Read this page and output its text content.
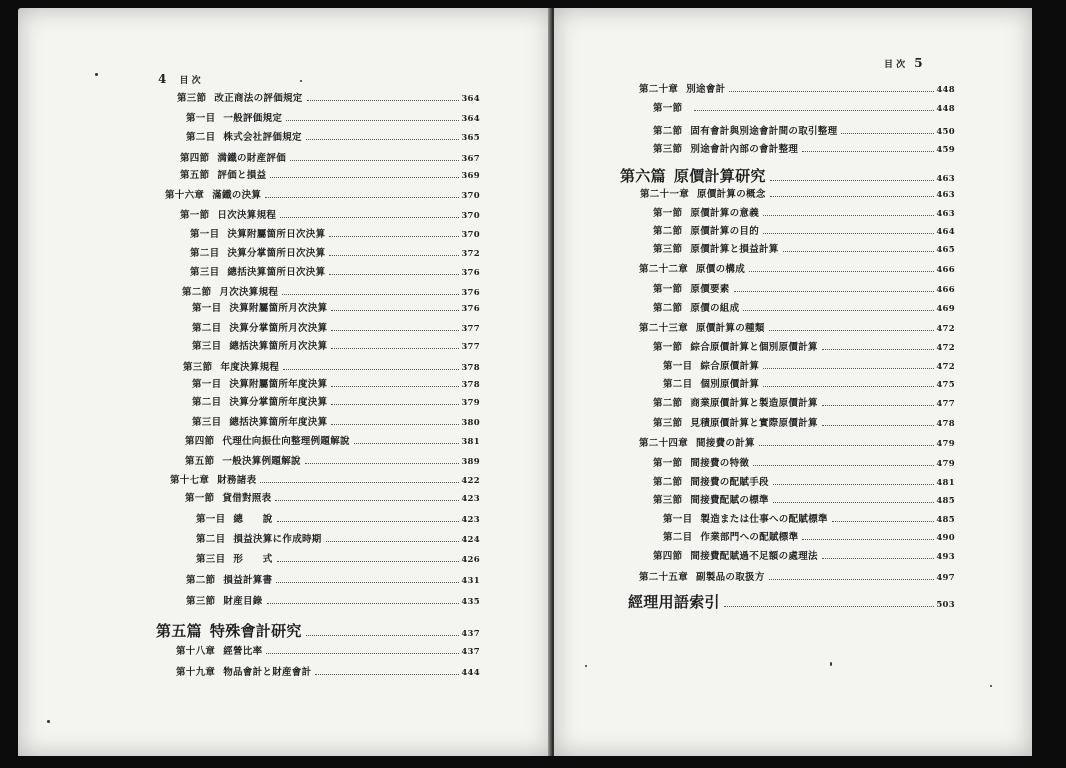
4 目 次
第三節 改正商法の評価規定	364
第一目 一般評価規定	364
第二目 株式会社評価規定	365
第四節 満鐵の財産評価	367
第五節 評価と損益	369
第十六章 滿鐵の決算	370
第一節 日次決算規程	370
第一目 決算附屬箇所日次決算	370
第二目 決算分掌箇所日次決算	372
第三目 總括決算箇所日次決算	376
第二節 月次決算規程	376
第一目 決算附屬箇所月次決算	376
第二目 決算分掌箇所月次決算	377
第三目 總括決算箇所月次決算	377
第三節 年度決算規程	378
第一目 決算附屬箇所年度決算	378
第二目 決算分掌箇所年度決算	379
第三目 總括決算箇所年度決算	380
第四節 代理仕向振仕向整理例題解說	381
第五節 一般決算例題解說	389
第十七章 財務諸表	422
第一節 貸借對照表	423
第一目 總　　說	423
第二目 損益決算に作成時期	424
第三目 形　　式	426
第二節 損益計算書	431
第三節 財産目錄	435
第五篇 特殊會計研究	437
第十八章 經營比率	437
第十九章 物品會計と財産會計	444
目 次 5
第二十章 別途會計	448
第一節	448
第二節 固有會計與別途會計間の取引整理	450
第三節 別途會計內部の會計整理	459
第六篇 原價計算研究	463
第二十一章 原價計算の概念	463
第一節 原價計算の意義	463
第二節 原價計算の目的	464
第三節 原價計算と損益計算	465
第二十二章 原價の構成	466
第一節 原價要素	466
第二節 原價の組成	469
第二十三章 原價計算の種類	472
第一節 綜合原價計算と個別原價計算	472
第一目 綜合原價計算	472
第二目 個別原價計算	475
第二節 商業原價計算と製造原價計算	477
第三節 見積原價計算と實際原價計算	478
第二十四章 間接費の計算	479
第一節 間接費の特徵	479
第二節 間接費の配賦手段	481
第三節 間接費配賦の標準	485
第一目 製造または仕事への配賦標準	485
第二目 作業部門への配賦標準	490
第四節 間接費配賦過不足額の處理法	493
第二十五章 副製品の取扱方	497
經理用語索引	503
